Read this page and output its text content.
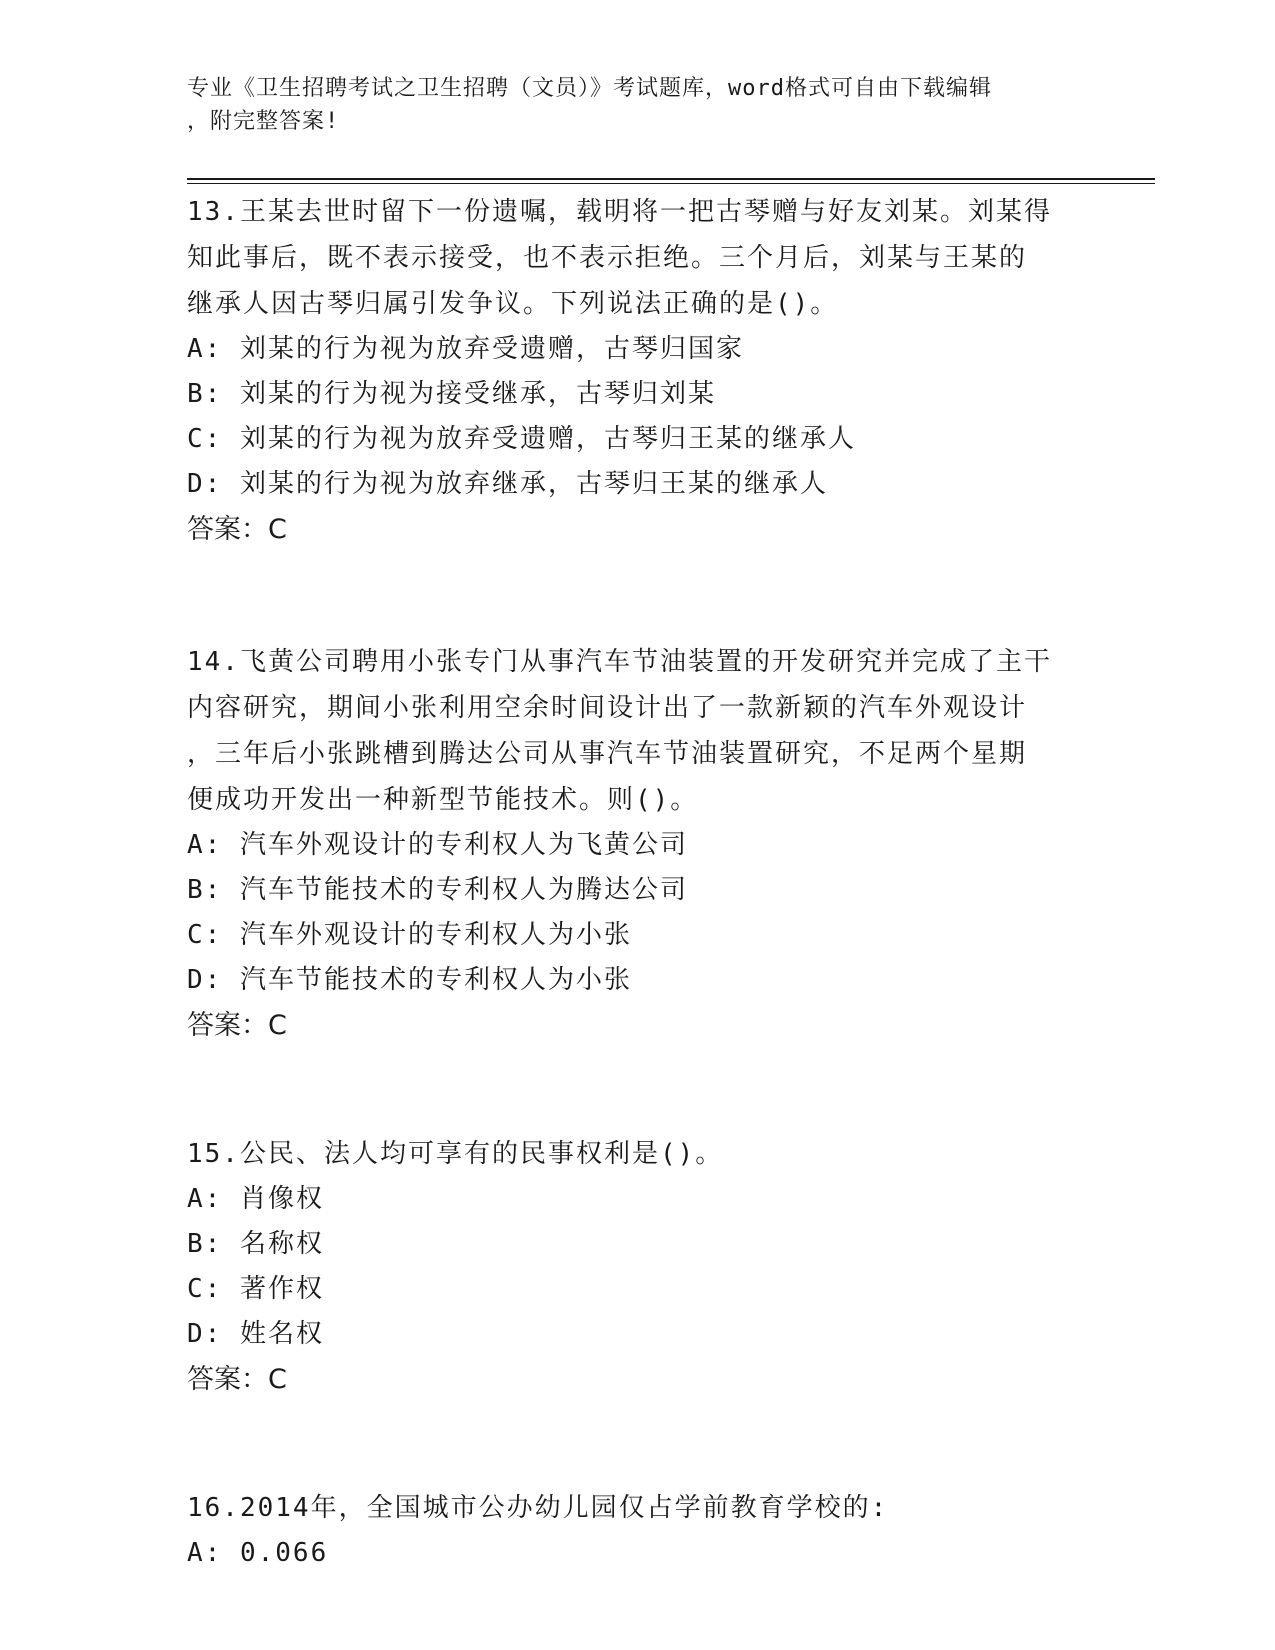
专业《卫生招聘考试之卫生招聘（文员）》考试题库，word格式可自由下载编辑
，附完整答案!
13.王某去世时留下一份遗嘱，载明将一把古琴赠与好友刘某。刘某得
知此事后，既不表示接受，也不表示拒绝。三个月后，刘某与王某的
继承人因古琴归属引发争议。下列说法正确的是()。
A: 刘某的行为视为放弃受遗赠，古琴归国家
B: 刘某的行为视为接受继承，古琴归刘某
C: 刘某的行为视为放弃受遗赠，古琴归王某的继承人
D: 刘某的行为视为放弃继承，古琴归王某的继承人
答案：C
14.飞黄公司聘用小张专门从事汽车节油装置的开发研究并完成了主干
内容研究，期间小张利用空余时间设计出了一款新颖的汽车外观设计
，三年后小张跳槽到腾达公司从事汽车节油装置研究，不足两个星期
便成功开发出一种新型节能技术。则()。
A: 汽车外观设计的专利权人为飞黄公司
B: 汽车节能技术的专利权人为腾达公司
C: 汽车外观设计的专利权人为小张
D: 汽车节能技术的专利权人为小张
答案：C
15.公民、法人均可享有的民事权利是()。
A: 肖像权
B: 名称权
C: 著作权
D: 姓名权
答案：C
16.2014年，全国城市公办幼儿园仅占学前教育学校的:
A: 0.066
